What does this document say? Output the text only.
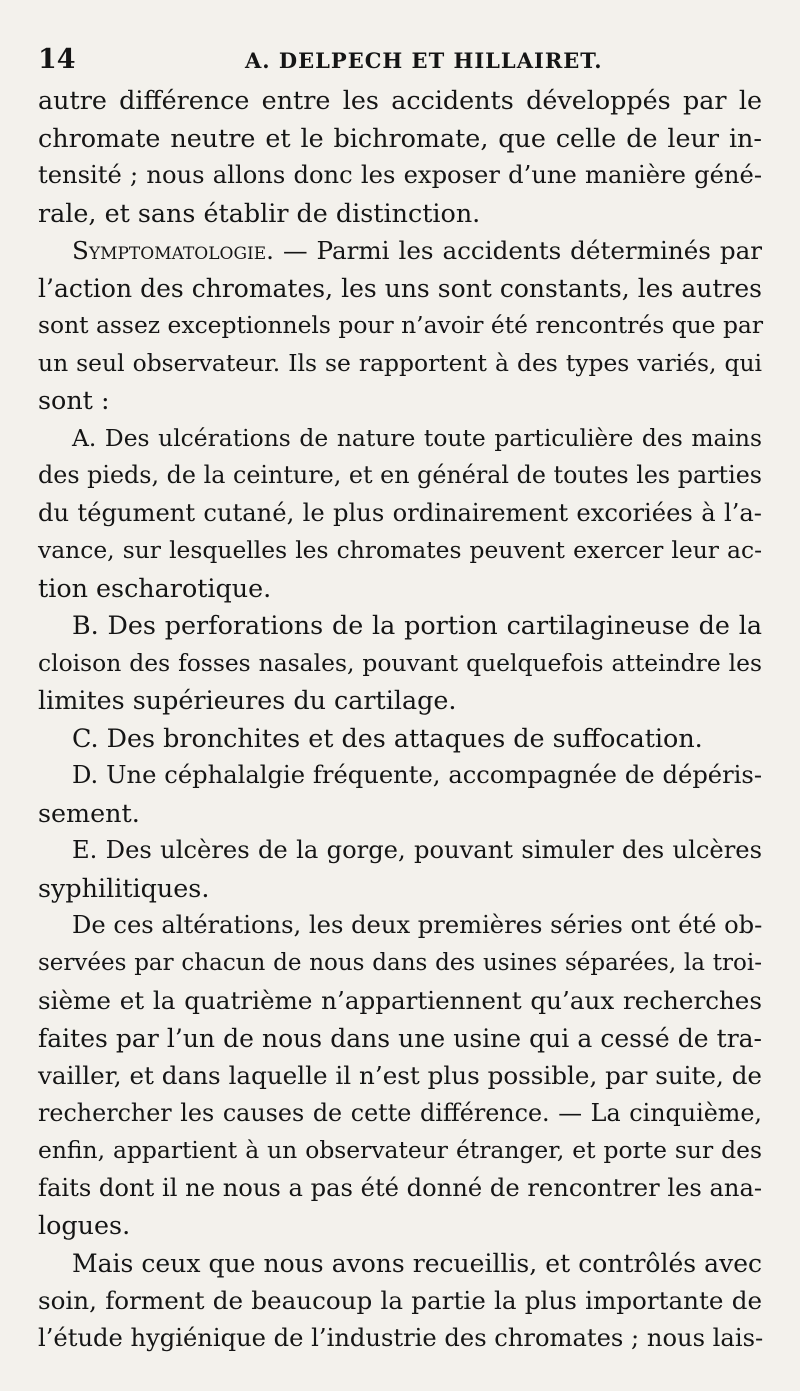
14	A. DELPECH ET HILLAIRET.
autre différence entre les accidents développés par le
chromate neutre et le bichromate, que celle de leur in-
tensité ; nous allons donc les exposer d’une manière géné-
rale, et sans établir de distinction.
Symptomatologie. — Parmi les accidents déterminés par
l’action des chromates, les uns sont constants, les autres
sont assez exceptionnels pour n’avoir été rencontrés que par
un seul observateur. Ils se rapportent à des types variés, qui
sont :
A. Des ulcérations de nature toute particulière des mains
des pieds, de la ceinture, et en général de toutes les parties
du tégument cutané, le plus ordinairement excoriées à l’a-
vance, sur lesquelles les chromates peuvent exercer leur ac-
tion escharotique.
B. Des perforations de la portion cartilagineuse de la
cloison des fosses nasales, pouvant quelquefois atteindre les
limites supérieures du cartilage.
C. Des bronchites et des attaques de suffocation.
D. Une céphalalgie fréquente, accompagnée de dépéris-
sement.
E. Des ulcères de la gorge, pouvant simuler des ulcères
syphilitiques.
De ces altérations, les deux premières séries ont été ob-
servées par chacun de nous dans des usines séparées, la troi-
sième et la quatrième n’appartiennent qu’aux recherches
faites par l’un de nous dans une usine qui a cessé de tra-
vailler, et dans laquelle il n’est plus possible, par suite, de
rechercher les causes de cette différence. — La cinquième,
enfin, appartient à un observateur étranger, et porte sur des
faits dont il ne nous a pas été donné de rencontrer les ana-
logues.
Mais ceux que nous avons recueillis, et contrôlés avec
soin, forment de beaucoup la partie la plus importante de
l’étude hygiénique de l’industrie des chromates ; nous lais-
